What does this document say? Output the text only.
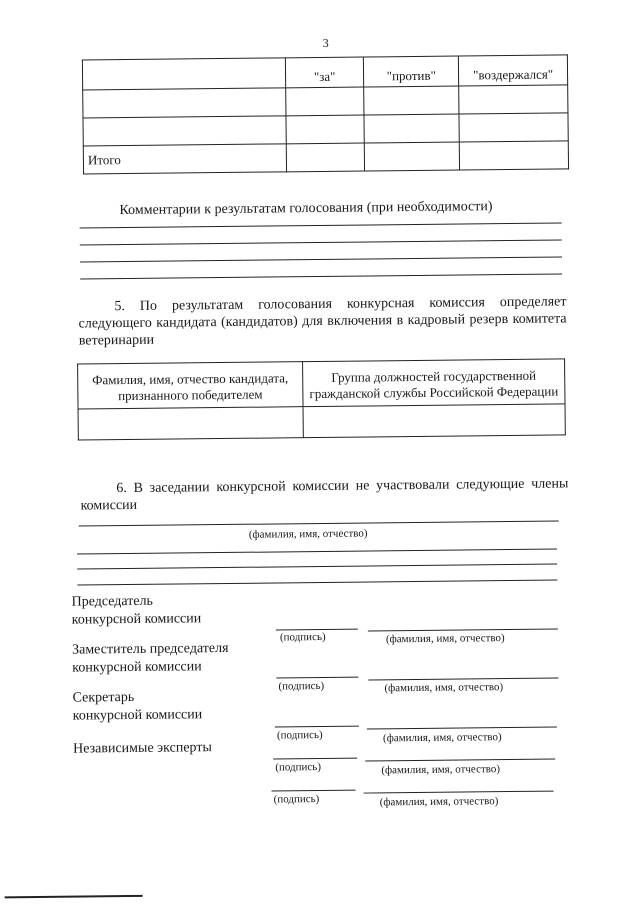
3
	"за"	"против"	"воздержался"

Итого			
Комментарии к результатам голосования (при необходимости)
5. По результатам голосования конкурсная комиссия определяет следующего кандидата (кандидатов) для включения в кадровый резерв комитета ветеринарии
Фамилия, имя, отчество кандидата, признанного победителем	Группа должностей государственной гражданской службы Российской Федерации

6. В заседании конкурсной комиссии не участвовали следующие члены комиссии
(фамилия, имя, отчество)
Председатель
конкурсной комиссии
(подпись)	(фамилия, имя, отчество)
Заместитель председателя
конкурсной комиссии
(подпись)	(фамилия, имя, отчество)
Секретарь
конкурсной комиссии
(подпись)	(фамилия, имя, отчество)
Независимые эксперты
(подпись)	(фамилия, имя, отчество)
(подпись)	(фамилия, имя, отчество)
